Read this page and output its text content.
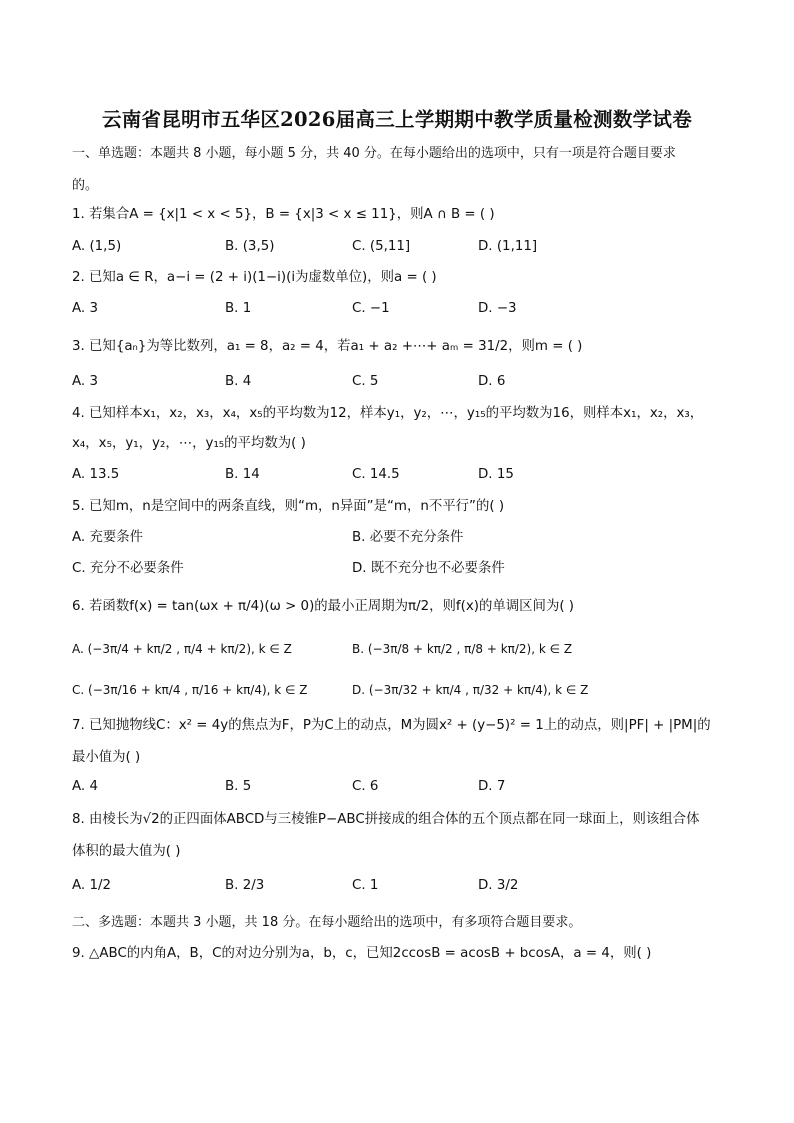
云南省昆明市五华区2026届高三上学期期中教学质量检测数学试卷
一、单选题：本题共 8 小题，每小题 5 分，共 40 分。在每小题给出的选项中，只有一项是符合题目要求
的。
1. 若集合A = {x|1 < x < 5}，B = {x|3 < x ≤ 11}，则A ∩ B = ( )
A. (1,5)	B. (3,5)	C. (5,11]	D. (1,11]
2. 已知a ∈ R，a−i = (2 + i)(1−i)(i为虚数单位)，则a = ( )
A. 3	B. 1	C. −1	D. −3
3. 已知{aₙ}为等比数列，a₁ = 8，a₂ = 4，若a₁ + a₂ +⋯+ aₘ = 31/2，则m = ( )
A. 3	B. 4	C. 5	D. 6
4. 已知样本x₁，x₂，x₃，x₄，x₅的平均数为12，样本y₁，y₂，⋯，y₁₅的平均数为16，则样本x₁，x₂，x₃，
x₄，x₅，y₁，y₂，⋯，y₁₅的平均数为( )
A. 13.5	B. 14	C. 14.5	D. 15
5. 已知m，n是空间中的两条直线，则“m，n异面”是“m，n不平行”的( )
A. 充要条件	B. 必要不充分条件
C. 充分不必要条件	D. 既不充分也不必要条件
6. 若函数f(x) = tan(ωx + π/4)(ω > 0)的最小正周期为π/2，则f(x)的单调区间为( )
A. (−3π/4 + kπ/2 , π/4 + kπ/2), k ∈ Z	B. (−3π/8 + kπ/2 , π/8 + kπ/2), k ∈ Z
C. (−3π/16 + kπ/4 , π/16 + kπ/4), k ∈ Z	D. (−3π/32 + kπ/4 , π/32 + kπ/4), k ∈ Z
7. 已知抛物线C：x² = 4y的焦点为F，P为C上的动点，M为圆x² + (y−5)² = 1上的动点，则|PF| + |PM|的
最小值为( )
A. 4	B. 5	C. 6	D. 7
8. 由棱长为√2的正四面体ABCD与三棱锥P−ABC拼接成的组合体的五个顶点都在同一球面上，则该组合体
体积的最大值为( )
A. 1/2	B. 2/3	C. 1	D. 3/2
二、多选题：本题共 3 小题，共 18 分。在每小题给出的选项中，有多项符合题目要求。
9. △ABC的内角A，B，C的对边分别为a，b，c，已知2ccosB = acosB + bcosA，a = 4，则( )
